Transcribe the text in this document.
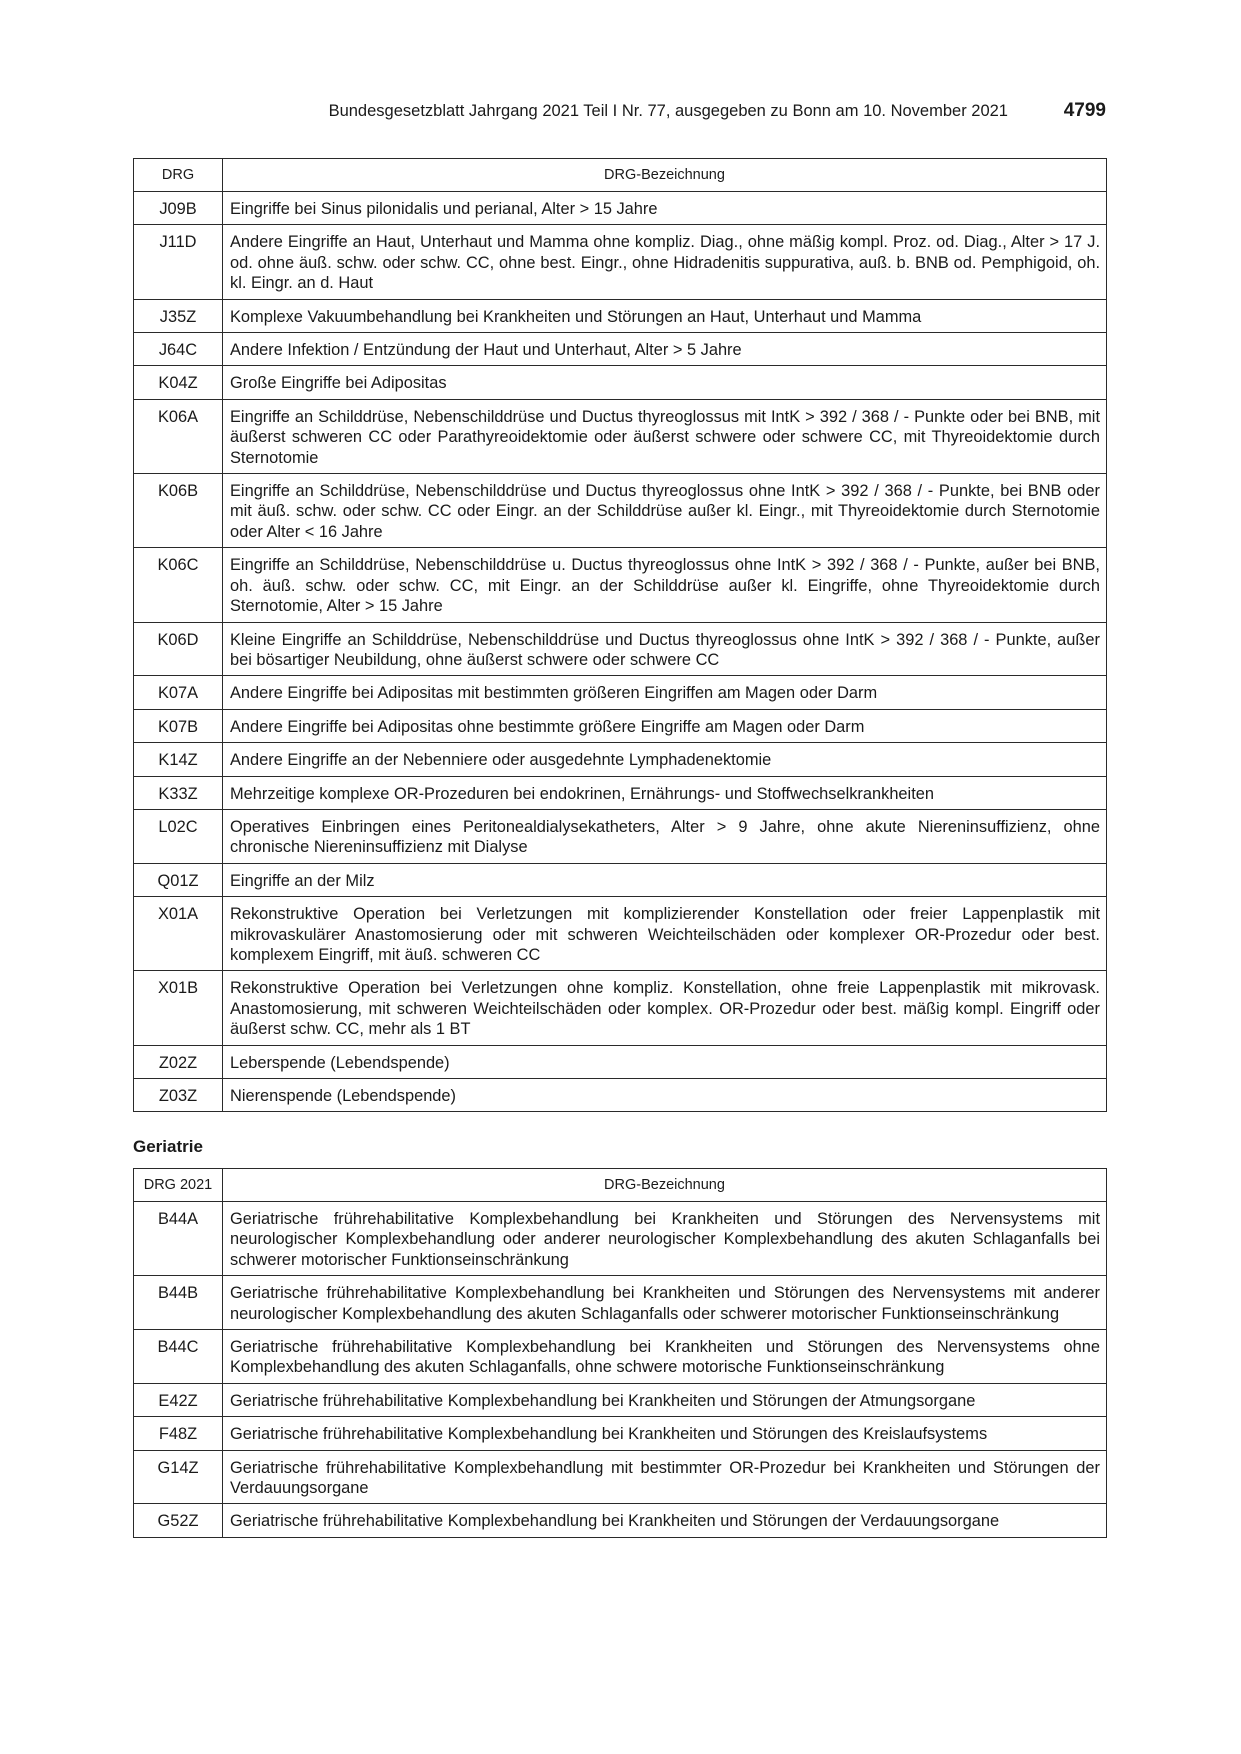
Bundesgesetzblatt Jahrgang 2021 Teil I Nr. 77, ausgegeben zu Bonn am 10. November 2021	4799
DRG	DRG-Bezeichnung
J09B	Eingriffe bei Sinus pilonidalis und perianal, Alter > 15 Jahre
J11D	Andere Eingriffe an Haut, Unterhaut und Mamma ohne kompliz. Diag., ohne mäßig kompl. Proz. od. Diag., Alter > 17 J. od. ohne äuß. schw. oder schw. CC, ohne best. Eingr., ohne Hidradenitis suppurativa, auß. b. BNB od. Pemphigoid, oh. kl. Eingr. an d. Haut
J35Z	Komplexe Vakuumbehandlung bei Krankheiten und Störungen an Haut, Unterhaut und Mamma
J64C	Andere Infektion / Entzündung der Haut und Unterhaut, Alter > 5 Jahre
K04Z	Große Eingriffe bei Adipositas
K06A	Eingriffe an Schilddrüse, Nebenschilddrüse und Ductus thyreoglossus mit IntK > 392 / 368 / - Punkte oder bei BNB, mit äußerst schweren CC oder Parathyreoidektomie oder äußerst schwere oder schwere CC, mit Thyreoidektomie durch Sternotomie
K06B	Eingriffe an Schilddrüse, Nebenschilddrüse und Ductus thyreoglossus ohne IntK > 392 / 368 / - Punkte, bei BNB oder mit äuß. schw. oder schw. CC oder Eingr. an der Schilddrüse außer kl. Eingr., mit Thyreoidektomie durch Sternotomie oder Alter < 16 Jahre
K06C	Eingriffe an Schilddrüse, Nebenschilddrüse u. Ductus thyreoglossus ohne IntK > 392 / 368 / - Punkte, außer bei BNB, oh. äuß. schw. oder schw. CC, mit Eingr. an der Schilddrüse außer kl. Eingriffe, ohne Thyreoidektomie durch Sternotomie, Alter > 15 Jahre
K06D	Kleine Eingriffe an Schilddrüse, Nebenschilddrüse und Ductus thyreoglossus ohne IntK > 392 / 368 / - Punkte, außer bei bösartiger Neubildung, ohne äußerst schwere oder schwere CC
K07A	Andere Eingriffe bei Adipositas mit bestimmten größeren Eingriffen am Magen oder Darm
K07B	Andere Eingriffe bei Adipositas ohne bestimmte größere Eingriffe am Magen oder Darm
K14Z	Andere Eingriffe an der Nebenniere oder ausgedehnte Lymphadenektomie
K33Z	Mehrzeitige komplexe OR-Prozeduren bei endokrinen, Ernährungs- und Stoffwechselkrankheiten
L02C	Operatives Einbringen eines Peritonealdialysekatheters, Alter > 9 Jahre, ohne akute Niereninsuffizienz, ohne chronische Niereninsuffizienz mit Dialyse
Q01Z	Eingriffe an der Milz
X01A	Rekonstruktive Operation bei Verletzungen mit komplizierender Konstellation oder freier Lappenplastik mit mikrovaskulärer Anastomosierung oder mit schweren Weichteilschäden oder komplexer OR-Prozedur oder best. komplexem Eingriff, mit äuß. schweren CC
X01B	Rekonstruktive Operation bei Verletzungen ohne kompliz. Konstellation, ohne freie Lappenplastik mit mikrovask. Anastomosierung, mit schweren Weichteilschäden oder komplex. OR-Prozedur oder best. mäßig kompl. Eingriff oder äußerst schw. CC, mehr als 1 BT
Z02Z	Leberspende (Lebendspende)
Z03Z	Nierenspende (Lebendspende)
Geriatrie
DRG 2021	DRG-Bezeichnung
B44A	Geriatrische frührehabilitative Komplexbehandlung bei Krankheiten und Störungen des Nervensystems mit neurologischer Komplexbehandlung oder anderer neurologischer Komplexbehandlung des akuten Schlaganfalls bei schwerer motorischer Funktionseinschränkung
B44B	Geriatrische frührehabilitative Komplexbehandlung bei Krankheiten und Störungen des Nervensystems mit anderer neurologischer Komplexbehandlung des akuten Schlaganfalls oder schwerer motorischer Funktionseinschränkung
B44C	Geriatrische frührehabilitative Komplexbehandlung bei Krankheiten und Störungen des Nervensystems ohne Komplexbehandlung des akuten Schlaganfalls, ohne schwere motorische Funktionseinschränkung
E42Z	Geriatrische frührehabilitative Komplexbehandlung bei Krankheiten und Störungen der Atmungsorgane
F48Z	Geriatrische frührehabilitative Komplexbehandlung bei Krankheiten und Störungen des Kreislaufsystems
G14Z	Geriatrische frührehabilitative Komplexbehandlung mit bestimmter OR-Prozedur bei Krankheiten und Störungen der Verdauungsorgane
G52Z	Geriatrische frührehabilitative Komplexbehandlung bei Krankheiten und Störungen der Verdauungsorgane
